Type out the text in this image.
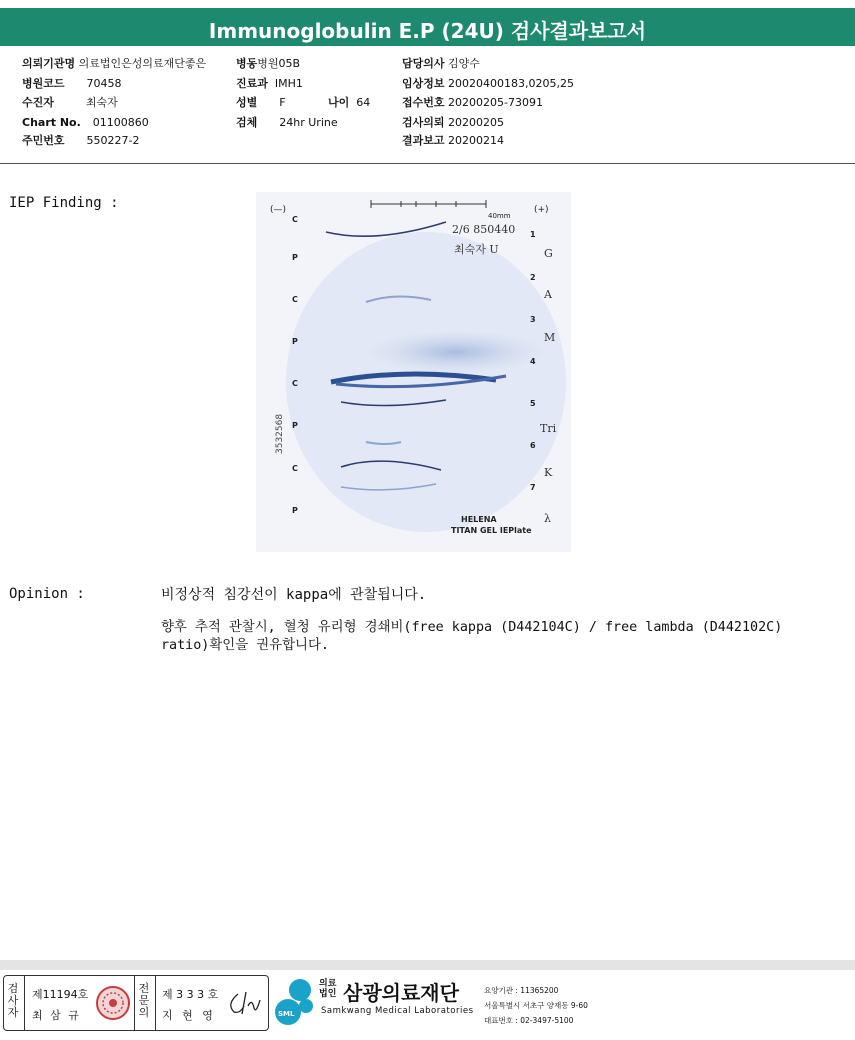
Immunoglobulin E.P (24U) 검사결과보고서
의뢰기관명 의료법인은성의료재단좋은
병원코드 70458
수진자	최숙자
Chart No. 01100860
주민번호 550227-2
병동병원05B
진료과 IMH1
성별 F	나이 64
검체 24hr Urine
담당의사 김양수
임상정보 20020400183,0205,25
접수번호 20200205-73091
검사의뢰 20200205
결과보고 20200214
IEP Finding :
40mm
(—)	(+)
2/6 850440
최숙자 U
C
P
C
P
C
P
C
P
1
2
3
4
5
6
7
G
A
M
Tri
K
λ
3532568
HELENA
TITAN GEL IEPlate
Opinion :	비정상적 침강선이 kappa에 관찰됩니다.
향후 추적 관찰시, 혈청 유리형 경쇄비(free kappa (D442104C) / free lambda (D442102C)
ratio)확인을 권유합니다.
검
사
자
제11194호
최 삼 규
전
문
의
제 3 3 3 호
지 현 영	SML
의료
법인 삼광의료재단
Samkwang Medical Laboratories
요양기관 : 11365200
서울특별시 서초구 양재동 9-60
대표번호 : 02-3497-5100
